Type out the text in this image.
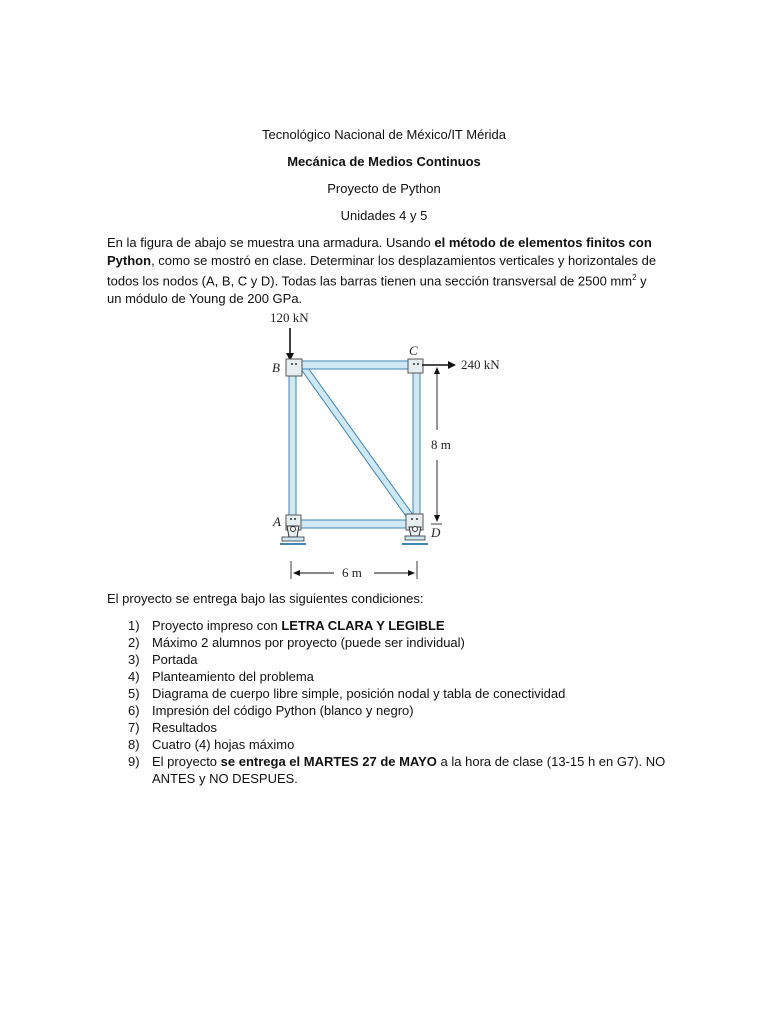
Tecnológico Nacional de México/IT Mérida
Mecánica de Medios Continuos
Proyecto de Python
Unidades 4 y 5

En la figura de abajo se muestra una armadura. Usando el método de elementos finitos con Python, como se mostró en clase. Determinar los desplazamientos verticales y horizontales de todos los nodos (A, B, C y D). Todas las barras tienen una sección transversal de 2500 $mm^2$ y un módulo de Young de 200 GPa.

120 kN
B
C
A
D
240 kN
8 m
6 m

El proyecto se entrega bajo las siguientes condiciones:

1) Proyecto impreso con LETRA CLARA Y LEGIBLE
2) Máximo 2 alumnos por proyecto (puede ser individual)
3) Portada
4) Planteamiento del problema
5) Diagrama de cuerpo libre simple, posición nodal y tabla de conectividad
6) Impresión del código Python (blanco y negro)
7) Resultados
8) Cuatro (4) hojas máximo
9) El proyecto se entrega el MARTES 27 de MAYO a la hora de clase (13-15 h en G7). NO ANTES y NO DESPUES.
